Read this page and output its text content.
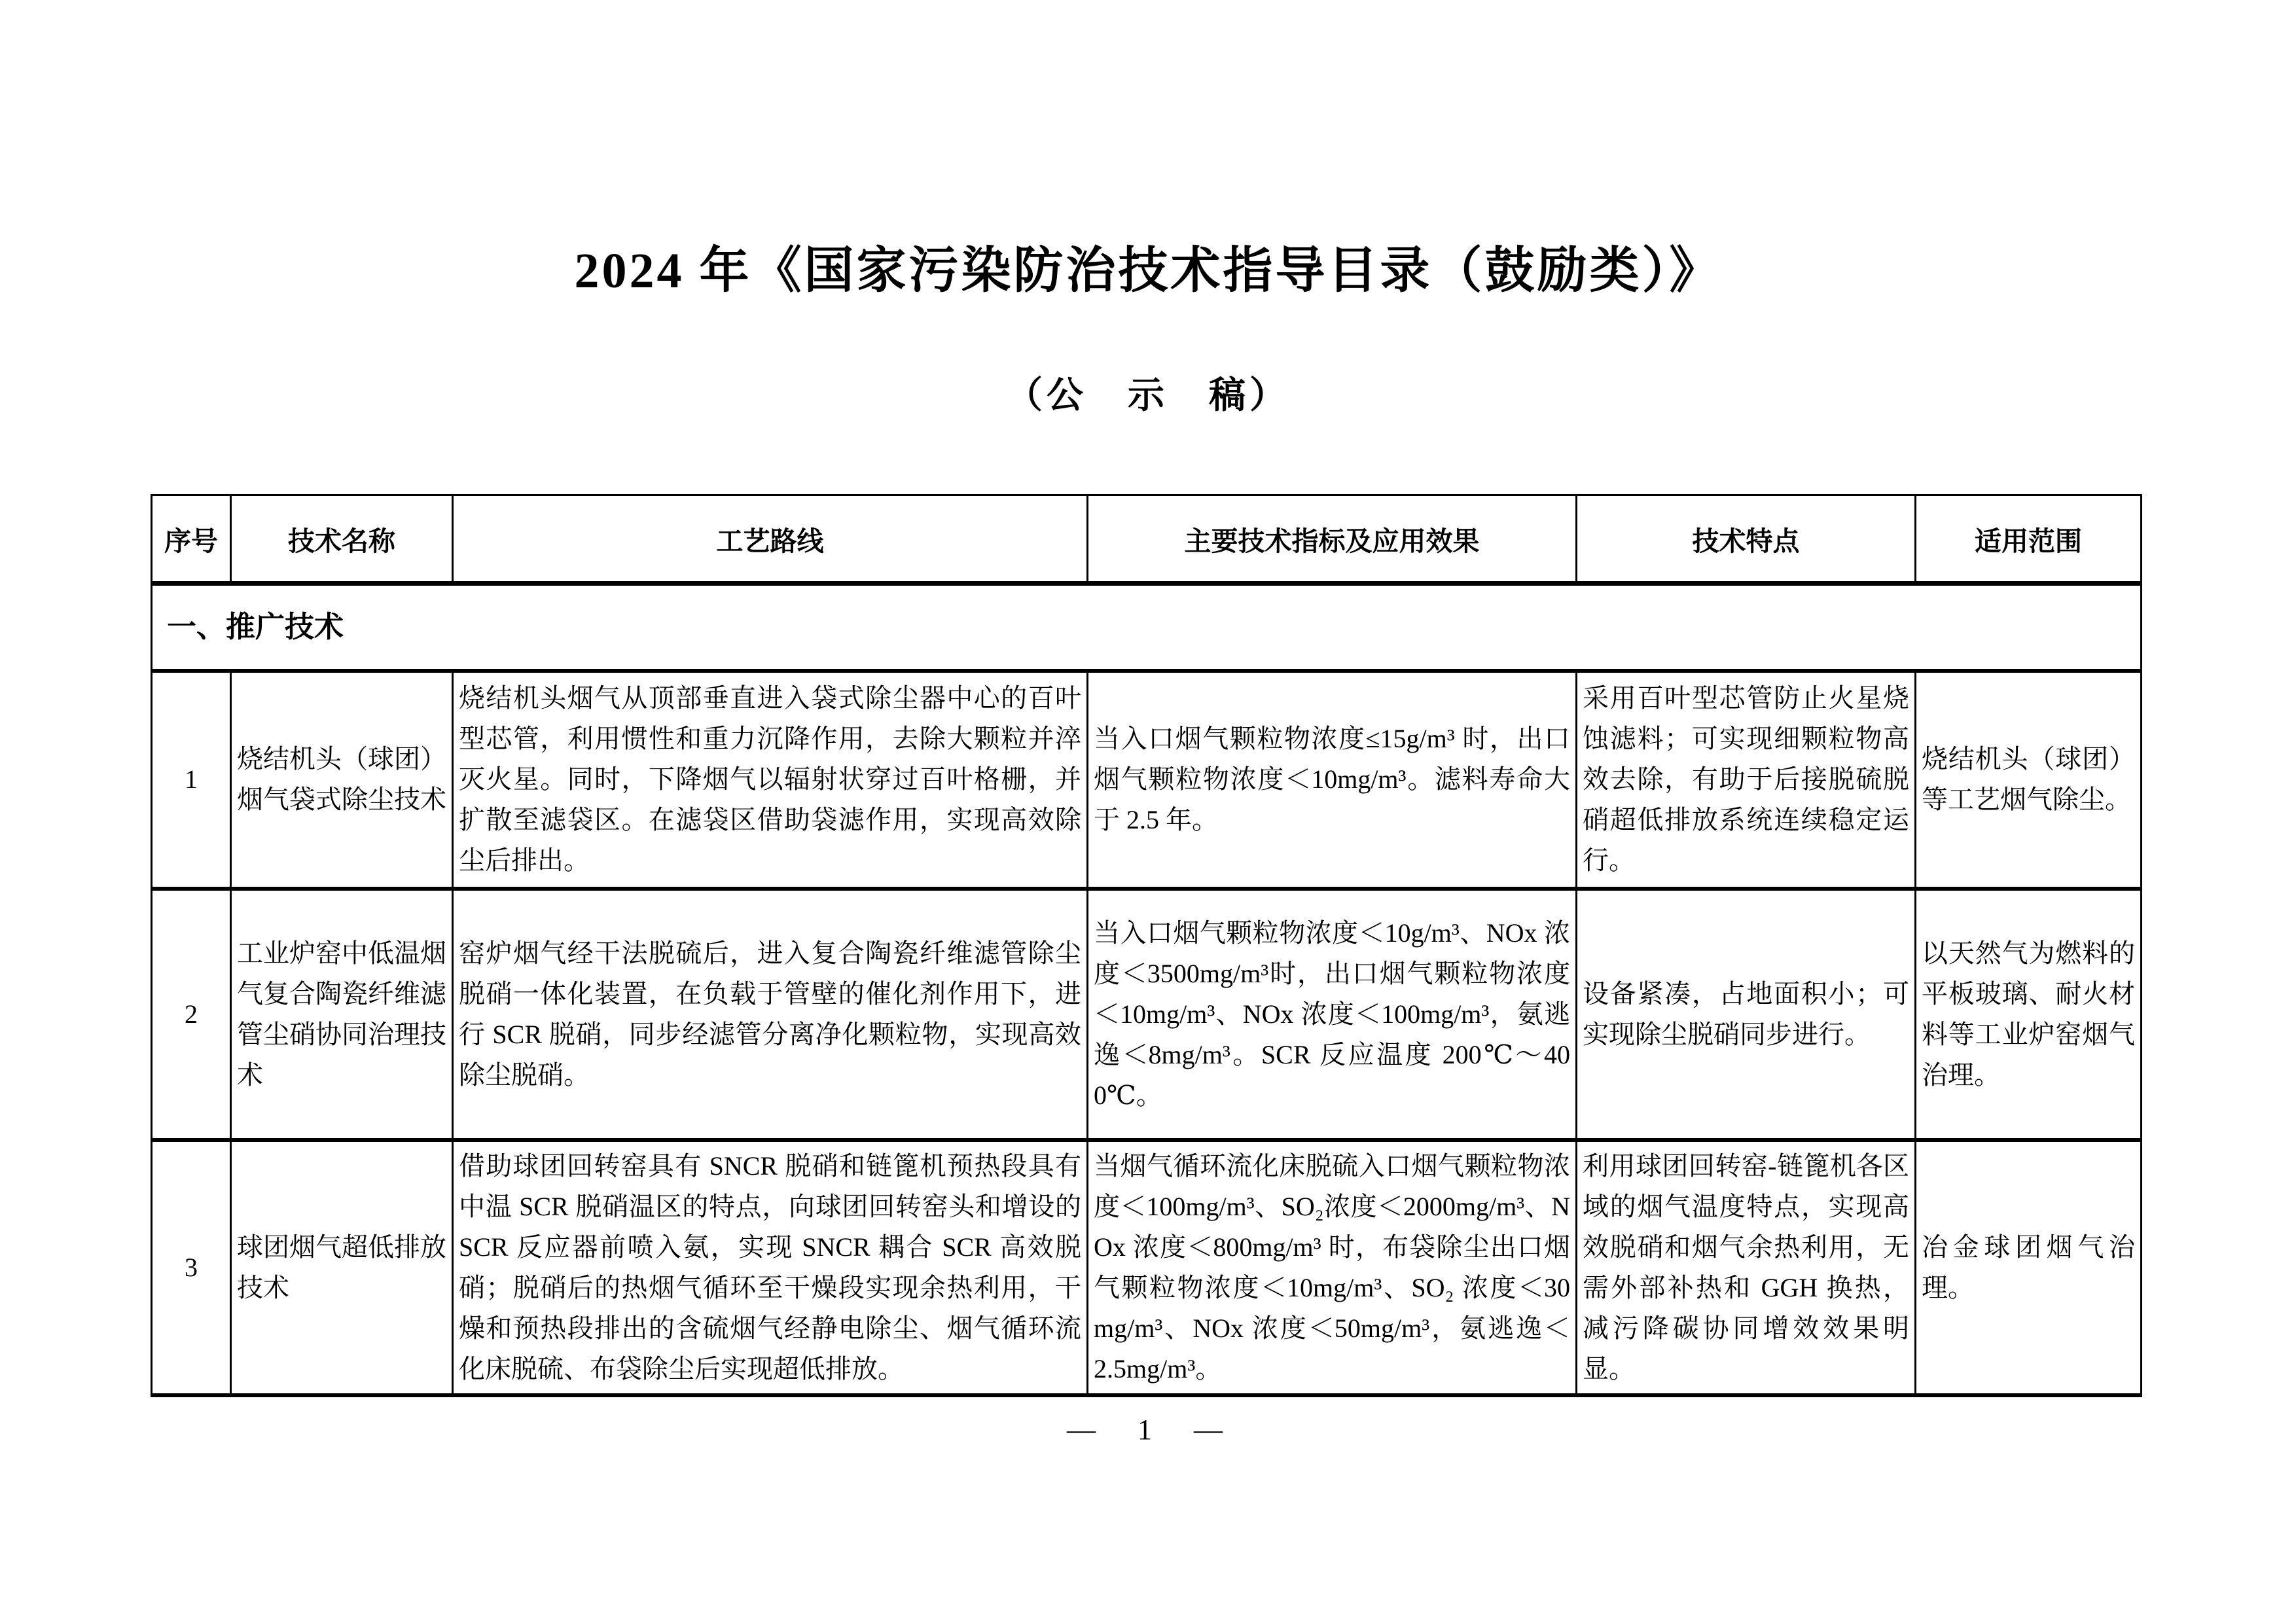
2024 年《国家污染防治技术指导目录（鼓励类）》
（公　示　稿）
序号	技术名称	工艺路线	主要技术指标及应用效果	技术特点	适用范围
一、推广技术					
1	烧结机头（球团）烟气袋式除尘技术	烧结机头烟气从顶部垂直进入袋式除尘器中心的百叶型芯管，利用惯性和重力沉降作用，去除大颗粒并淬灭火星。同时，下降烟气以辐射状穿过百叶格栅，并扩散至滤袋区。在滤袋区借助袋滤作用，实现高效除尘后排出。	当入口烟气颗粒物浓度≤15g/m³ 时，出口烟气颗粒物浓度＜10mg/m³。滤料寿命大于 2.5 年。	采用百叶型芯管防止火星烧蚀滤料；可实现细颗粒物高效去除，有助于后接脱硫脱硝超低排放系统连续稳定运行。	烧结机头（球团）等工艺烟气除尘。
2	工业炉窑中低温烟气复合陶瓷纤维滤管尘硝协同治理技术	窑炉烟气经干法脱硫后，进入复合陶瓷纤维滤管除尘脱硝一体化装置，在负载于管壁的催化剂作用下，进行 SCR 脱硝，同步经滤管分离净化颗粒物，实现高效除尘脱硝。	当入口烟气颗粒物浓度＜10g/m³、NOx 浓度＜3500mg/m³时，出口烟气颗粒物浓度＜10mg/m³、NOx 浓度＜100mg/m³，氨逃逸＜8mg/m³。SCR 反应温度 200℃～400℃。	设备紧凑，占地面积小；可实现除尘脱硝同步进行。	以天然气为燃料的平板玻璃、耐火材料等工业炉窑烟气治理。
3	球团烟气超低排放技术	借助球团回转窑具有 SNCR 脱硝和链篦机预热段具有中温 SCR 脱硝温区的特点，向球团回转窑头和增设的 SCR 反应器前喷入氨，实现 SNCR 耦合 SCR 高效脱硝；脱硝后的热烟气循环至干燥段实现余热利用，干燥和预热段排出的含硫烟气经静电除尘、烟气循环流化床脱硫、布袋除尘后实现超低排放。	当烟气循环流化床脱硫入口烟气颗粒物浓度＜100mg/m³、SO₂浓度＜2000mg/m³、NOx 浓度＜800mg/m³ 时，布袋除尘出口烟气颗粒物浓度＜10mg/m³、SO₂ 浓度＜30mg/m³、NOx 浓度＜50mg/m³，氨逃逸＜2.5mg/m³。	利用球团回转窑-链篦机各区域的烟气温度特点，实现高效脱硝和烟气余热利用，无需外部补热和 GGH 换热，减污降碳协同增效效果明显。	冶金球团烟气治理。
—　1　—
